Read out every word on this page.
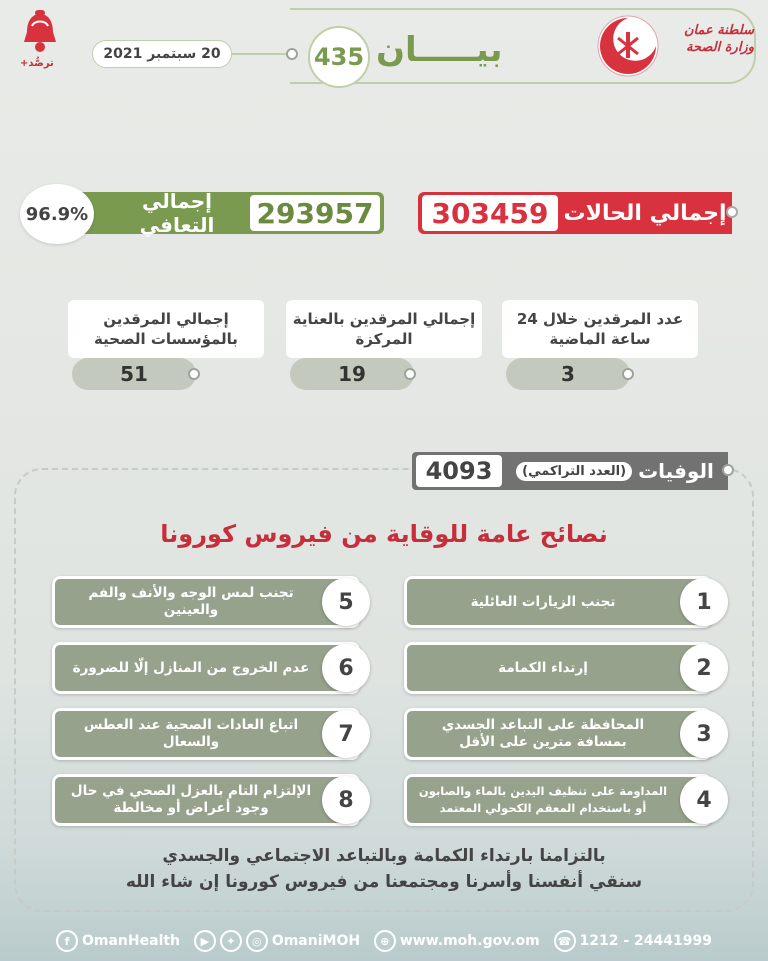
ترصُّد+
20 سبتمبر 2021	435 بيـــــان	سلطنة عمان
وزارة الصحة
303459 إجمالي الحالات
293957
إجمالي التعافي
96.9%
عدد المرقدين خلال 24 ساعة الماضية
3
إجمالي المرقدين بالعناية المركزة
19
إجمالي المرقدين بالمؤسسات الصحية
51
4093	الوفيات
(العدد التراكمي)
نصائح عامة للوقاية من فيروس كورونا
تجنب الزيارات العائلية	1
إرتداء الكمامة	2
المحافظة على التباعد الجسدي بمسافة مترين على الأقل	3
المداومة على تنظيف اليدين بالماء والصابون أو باستخدام المعقم الكحولي المعتمد	4
تجنب لمس الوجه والأنف والفم والعينين	5
عدم الخروج من المنازل إلّا للضرورة	6
اتباع العادات الصحية عند العطس والسعال	7
الإلتزام التام بالعزل الصحي في حال وجود أعراض أو مخالطة	8
بالتزامنا بارتداء الكمامة وبالتباعد الاجتماعي والجسدي
سنقي أنفسنا وأسرنا ومجتمعنا من فيروس كورونا إن شاء الله
f OmanHealth	▶	✦	◎ OmaniMOH	⊕ www.moh.gov.om	☎ 1212 - 24441999
